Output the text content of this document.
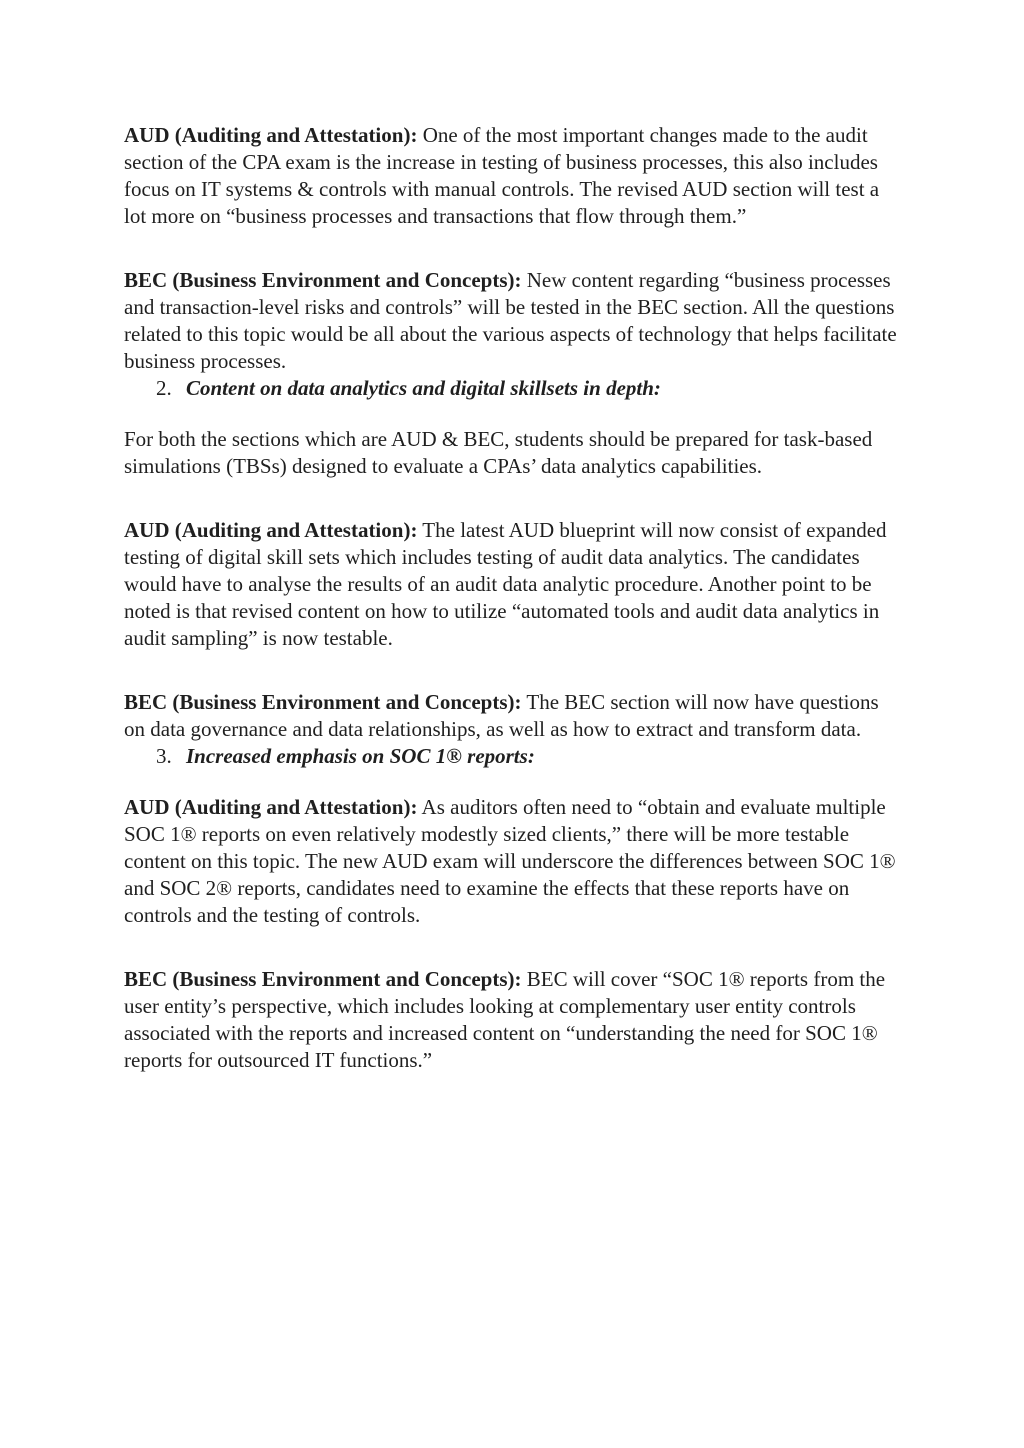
AUD (Auditing and Attestation): One of the most important changes made to the audit section of the CPA exam is the increase in testing of business processes, this also includes focus on IT systems & controls with manual controls. The revised AUD section will test a lot more on “business processes and transactions that flow through them.”

BEC (Business Environment and Concepts): New content regarding “business processes and transaction-level risks and controls” will be tested in the BEC section. All the questions related to this topic would be all about the various aspects of technology that helps facilitate business processes.

2. Content on data analytics and digital skillsets in depth:

For both the sections which are AUD & BEC, students should be prepared for task-based simulations (TBSs) designed to evaluate a CPAs’ data analytics capabilities.

AUD (Auditing and Attestation): The latest AUD blueprint will now consist of expanded testing of digital skill sets which includes testing of audit data analytics. The candidates would have to analyse the results of an audit data analytic procedure. Another point to be noted is that revised content on how to utilize “automated tools and audit data analytics in audit sampling” is now testable.

BEC (Business Environment and Concepts): The BEC section will now have questions on data governance and data relationships, as well as how to extract and transform data.

3. Increased emphasis on SOC 1® reports:

AUD (Auditing and Attestation): As auditors often need to “obtain and evaluate multiple SOC 1® reports on even relatively modestly sized clients,” there will be more testable content on this topic. The new AUD exam will underscore the differences between SOC 1® and SOC 2® reports, candidates need to examine the effects that these reports have on controls and the testing of controls.

BEC (Business Environment and Concepts): BEC will cover “SOC 1® reports from the user entity’s perspective, which includes looking at complementary user entity controls associated with the reports and increased content on “understanding the need for SOC 1® reports for outsourced IT functions.”
